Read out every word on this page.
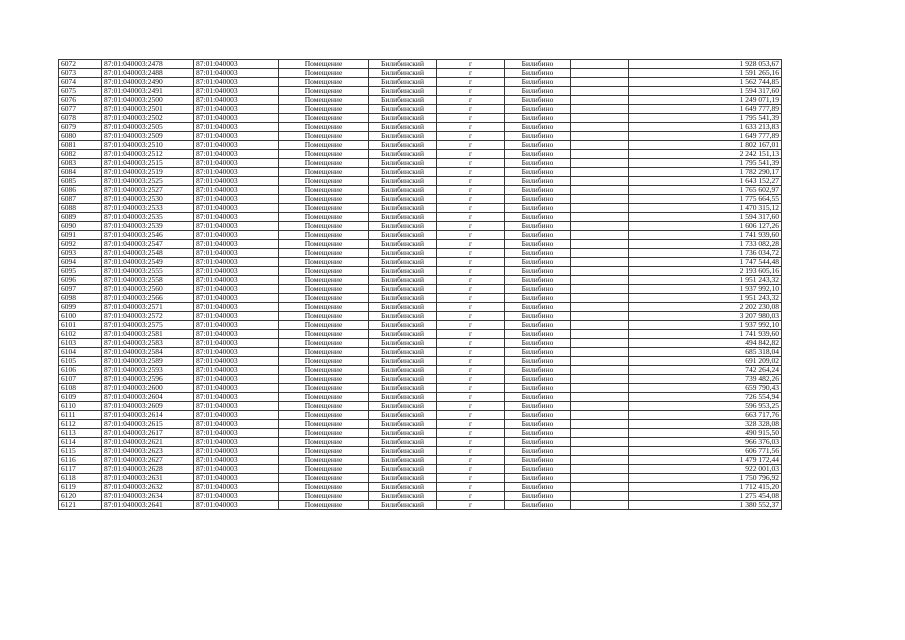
6072	87:01:040003:2478	87:01:040003	Помещение	Билибинский	г	Билибино		1 928 053,67
6073	87:01:040003:2488	87:01:040003	Помещение	Билибинский	г	Билибино		1 591 265,16
6074	87:01:040003:2490	87:01:040003	Помещение	Билибинский	г	Билибино		1 562 744,85
6075	87:01:040003:2491	87:01:040003	Помещение	Билибинский	г	Билибино		1 594 317,60
6076	87:01:040003:2500	87:01:040003	Помещение	Билибинский	г	Билибино		1 249 071,19
6077	87:01:040003:2501	87:01:040003	Помещение	Билибинский	г	Билибино		1 649 777,89
6078	87:01:040003:2502	87:01:040003	Помещение	Билибинский	г	Билибино		1 795 541,39
6079	87:01:040003:2505	87:01:040003	Помещение	Билибинский	г	Билибино		1 633 213,83
6080	87:01:040003:2509	87:01:040003	Помещение	Билибинский	г	Билибино		1 649 777,89
6081	87:01:040003:2510	87:01:040003	Помещение	Билибинский	г	Билибино		1 802 167,01
6082	87:01:040003:2512	87:01:040003	Помещение	Билибинский	г	Билибино		2 242 151,13
6083	87:01:040003:2515	87:01:040003	Помещение	Билибинский	г	Билибино		1 795 541,39
6084	87:01:040003:2519	87:01:040003	Помещение	Билибинский	г	Билибино		1 782 290,17
6085	87:01:040003:2525	87:01:040003	Помещение	Билибинский	г	Билибино		1 643 152,27
6086	87:01:040003:2527	87:01:040003	Помещение	Билибинский	г	Билибино		1 765 602,97
6087	87:01:040003:2530	87:01:040003	Помещение	Билибинский	г	Билибино		1 775 664,55
6088	87:01:040003:2533	87:01:040003	Помещение	Билибинский	г	Билибино		1 470 315,12
6089	87:01:040003:2535	87:01:040003	Помещение	Билибинский	г	Билибино		1 594 317,60
6090	87:01:040003:2539	87:01:040003	Помещение	Билибинский	г	Билибино		1 606 127,26
6091	87:01:040003:2546	87:01:040003	Помещение	Билибинский	г	Билибино		1 741 939,60
6092	87:01:040003:2547	87:01:040003	Помещение	Билибинский	г	Билибино		1 733 082,28
6093	87:01:040003:2548	87:01:040003	Помещение	Билибинский	г	Билибино		1 736 034,72
6094	87:01:040003:2549	87:01:040003	Помещение	Билибинский	г	Билибино		1 747 544,48
6095	87:01:040003:2555	87:01:040003	Помещение	Билибинский	г	Билибино		2 193 605,16
6096	87:01:040003:2558	87:01:040003	Помещение	Билибинский	г	Билибино		1 951 243,32
6097	87:01:040003:2560	87:01:040003	Помещение	Билибинский	г	Билибино		1 937 992,10
6098	87:01:040003:2566	87:01:040003	Помещение	Билибинский	г	Билибино		1 951 243,32
6099	87:01:040003:2571	87:01:040003	Помещение	Билибинский	г	Билибино		2 202 230,08
6100	87:01:040003:2572	87:01:040003	Помещение	Билибинский	г	Билибино		3 207 980,03
6101	87:01:040003:2575	87:01:040003	Помещение	Билибинский	г	Билибино		1 937 992,10
6102	87:01:040003:2581	87:01:040003	Помещение	Билибинский	г	Билибино		1 741 939,60
6103	87:01:040003:2583	87:01:040003	Помещение	Билибинский	г	Билибино		494 842,82
6104	87:01:040003:2584	87:01:040003	Помещение	Билибинский	г	Билибино		685 318,04
6105	87:01:040003:2589	87:01:040003	Помещение	Билибинский	г	Билибино		691 209,02
6106	87:01:040003:2593	87:01:040003	Помещение	Билибинский	г	Билибино		742 264,24
6107	87:01:040003:2596	87:01:040003	Помещение	Билибинский	г	Билибино		739 482,26
6108	87:01:040003:2600	87:01:040003	Помещение	Билибинский	г	Билибино		659 790,43
6109	87:01:040003:2604	87:01:040003	Помещение	Билибинский	г	Билибино		726 554,94
6110	87:01:040003:2609	87:01:040003	Помещение	Билибинский	г	Билибино		596 953,25
6111	87:01:040003:2614	87:01:040003	Помещение	Билибинский	г	Билибино		663 717,76
6112	87:01:040003:2615	87:01:040003	Помещение	Билибинский	г	Билибино		328 328,08
6113	87:01:040003:2617	87:01:040003	Помещение	Билибинский	г	Билибино		490 915,50
6114	87:01:040003:2621	87:01:040003	Помещение	Билибинский	г	Билибино		966 376,03
6115	87:01:040003:2623	87:01:040003	Помещение	Билибинский	г	Билибино		606 771,56
6116	87:01:040003:2627	87:01:040003	Помещение	Билибинский	г	Билибино		1 479 172,44
6117	87:01:040003:2628	87:01:040003	Помещение	Билибинский	г	Билибино		922 001,03
6118	87:01:040003:2631	87:01:040003	Помещение	Билибинский	г	Билибино		1 750 796,92
6119	87:01:040003:2632	87:01:040003	Помещение	Билибинский	г	Билибино		1 712 415,20
6120	87:01:040003:2634	87:01:040003	Помещение	Билибинский	г	Билибино		1 275 454,08
6121	87:01:040003:2641	87:01:040003	Помещение	Билибинский	г	Билибино		1 380 552,37
